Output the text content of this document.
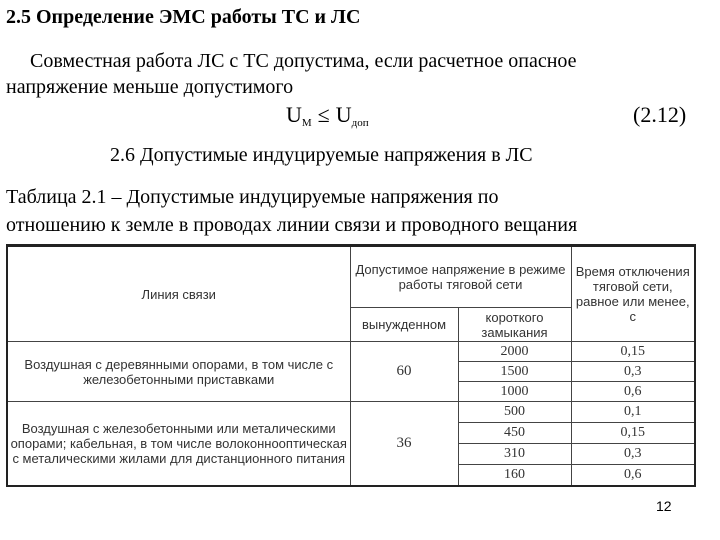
2.5 Определение ЭМС работы ТС и ЛС
Совместная работа ЛС с ТС допустима, если расчетное опасное
напряжение меньше допустимого
$U_M \le U_{доп}$	(2.12)
2.6 Допустимые индуцируемые напряжения в ЛС
Таблица 2.1 – Допустимые индуцируемые напряжения по
отношению к земле в проводах линии связи и проводного вещания
Линия связи	Допустимое напряжение в режиме работы тяговой сети		Время отключения тяговой сети, равное или менее, с
	вынужденном	короткого замыкания	
Воздушная с деревянными опорами, в том числе с железобетонными приставками	60	2000	0,15
		1500	0,3
		1000	0,6
Воздушная с железобетонными или металическими опорами; кабельная, в том числе волоконнооптическая с металическими жилами для дистанционного питания	36	500	0,1
		450	0,15
		310	0,3
		160	0,6
12
